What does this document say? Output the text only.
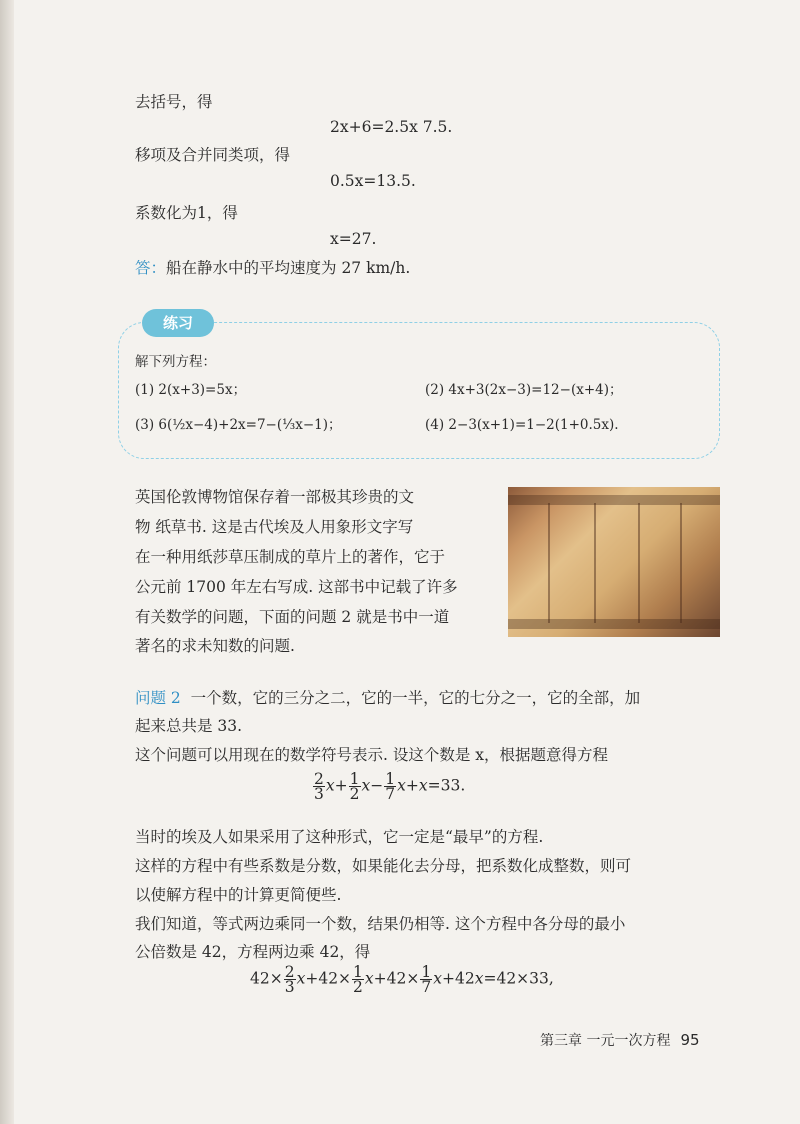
去括号，得
2x+6=2.5x 7.5.
移项及合并同类项，得
0.5x=13.5.
系数化为1，得
x=27.
答：船在静水中的平均速度为 27 km/h.
练习
解下列方程：
(1) 2(x+3)=5x；	(2) 4x+3(2x−3)=12−(x+4)；
(3) 6(½x−4)+2x=7−(⅓x−1)；	(4) 2−3(x+1)=1−2(1+0.5x).
英国伦敦博物馆保存着一部极其珍贵的文
物 纸草书. 这是古代埃及人用象形文字写
在一种用纸莎草压制成的草片上的著作，它于
公元前 1700 年左右写成. 这部书中记载了许多
有关数学的问题，下面的问题 2 就是书中一道
著名的求未知数的问题.
问题 2 一个数，它的三分之二，它的一半，它的七分之一，它的全部，加
起来总共是 33.
这个问题可以用现在的数学符号表示. 设这个数是 x，根据题意得方程
$\frac{2}{3} x+ \frac{1}{2} x- \frac{1}{7} x+x=33$.
当时的埃及人如果采用了这种形式，它一定是“最早”的方程.
这样的方程中有些系数是分数，如果能化去分母，把系数化成整数，则可
以使解方程中的计算更简便些.
我们知道，等式两边乘同一个数，结果仍相等. 这个方程中各分母的最小
公倍数是 42，方程两边乘 42，得
$42\times \frac{2}{3} x+42\times \frac{1}{2} x+42\times \frac{1}{7} x+42x=42\times 33$,
第三章 一元一次方程 95
